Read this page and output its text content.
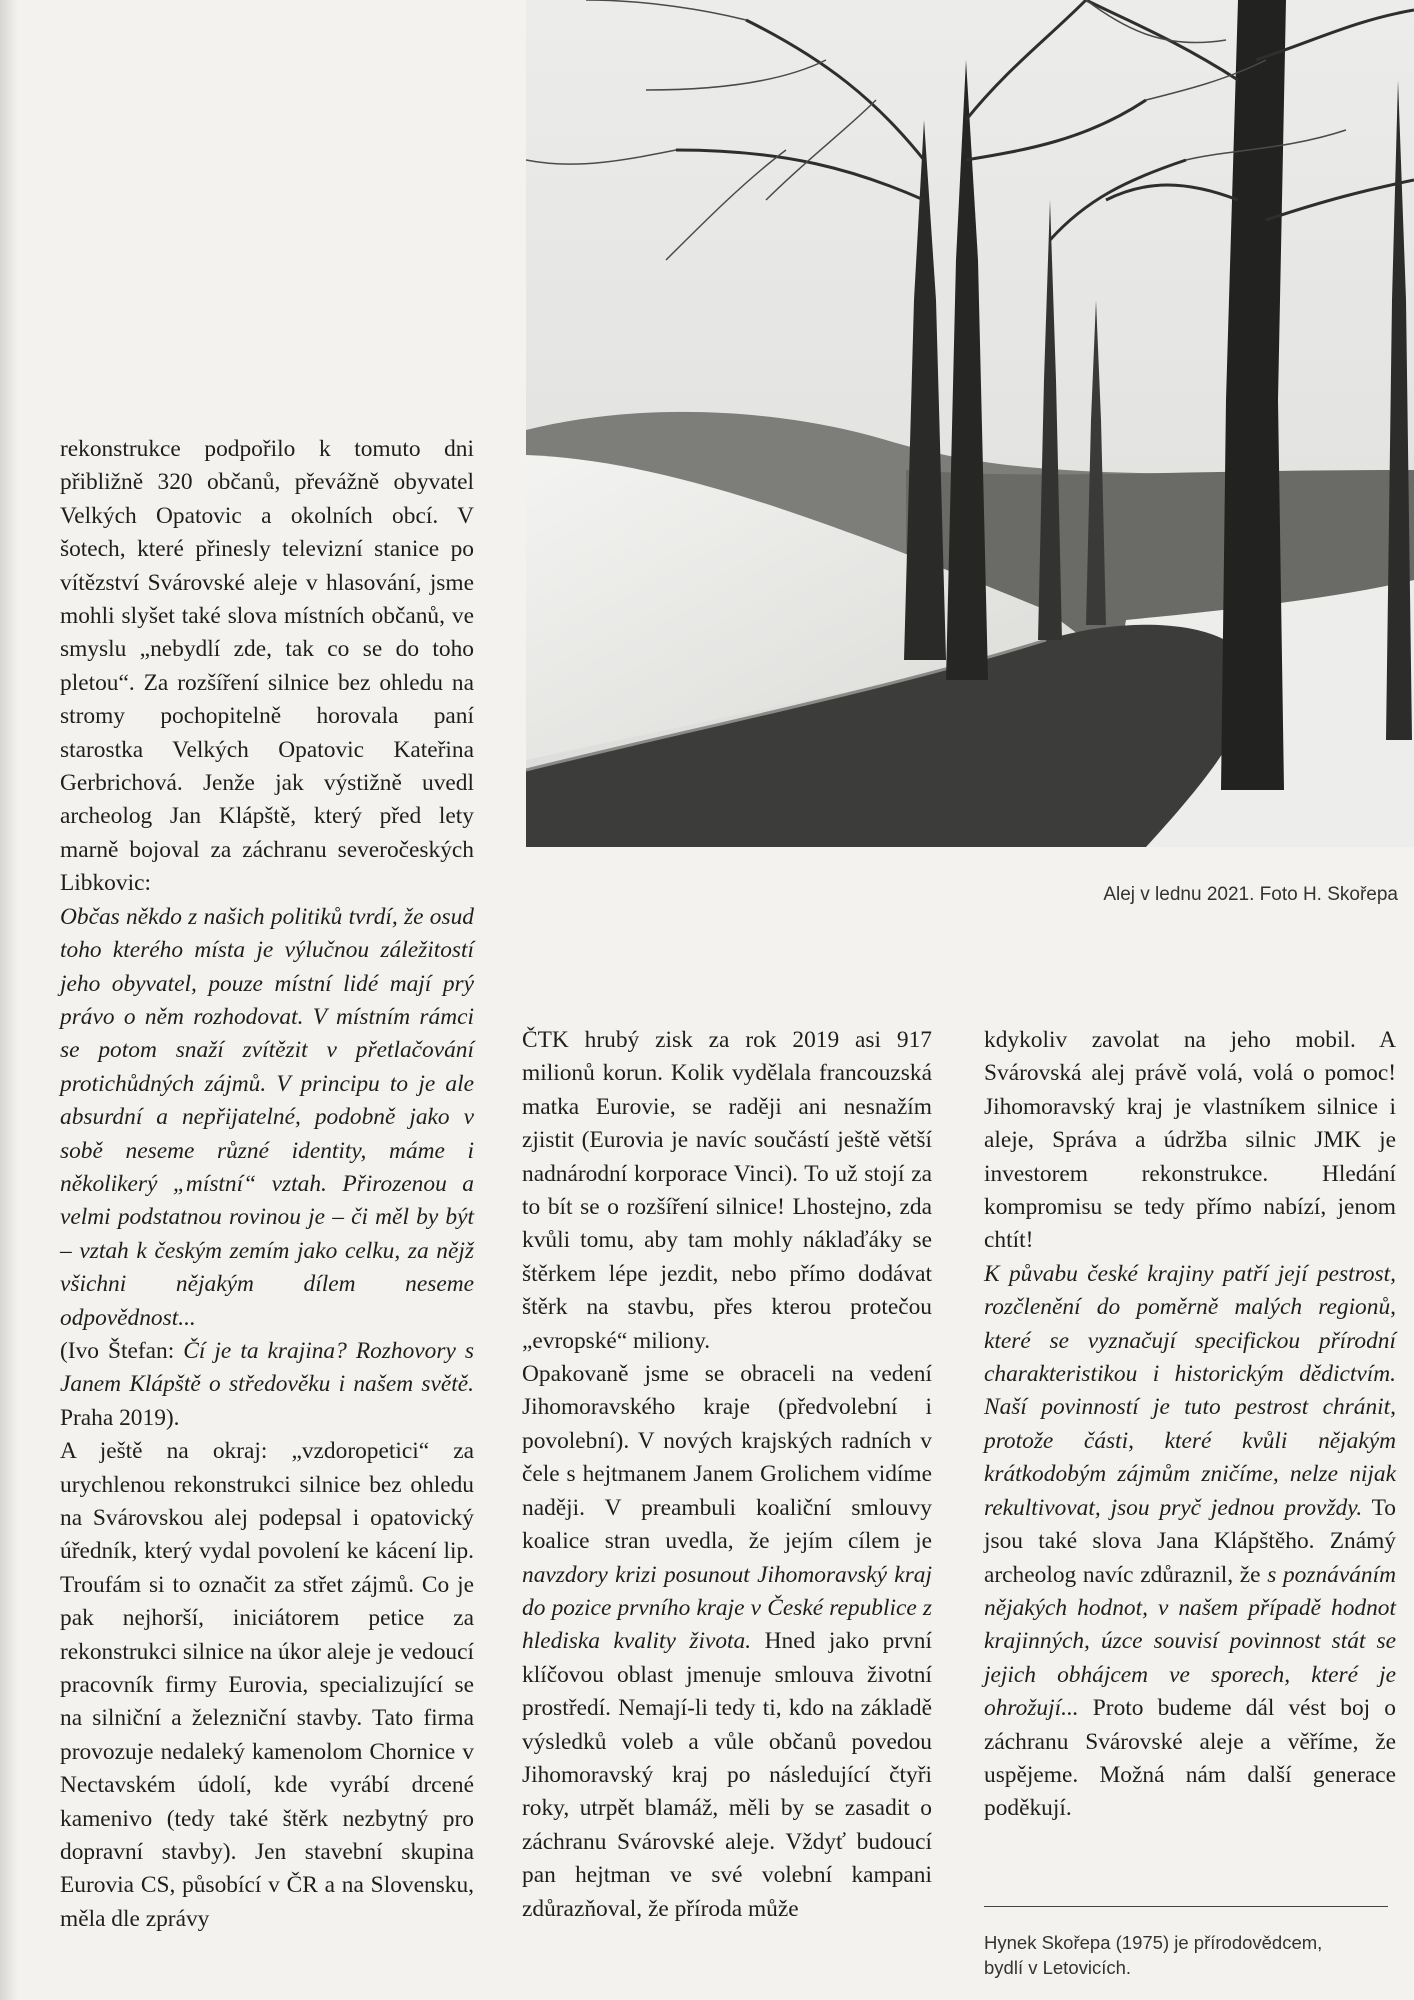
Alej v lednu 2021. Foto H. Skořepa

rekonstrukce podpořilo k tomuto dni přibližně 320 občanů, převážně obyvatel Velkých Opatovic a okolních obcí. V šotech, které přinesly televizní stanice po vítězství Svárovské aleje v hlasování, jsme mohli slyšet také slova místních občanů, ve smyslu „nebydlí zde, tak co se do toho pletou“. Za rozšíření silnice bez ohledu na stromy pochopitelně horovala paní starostka Velkých Opatovic Kateřina Gerbrichová. Jenže jak výstižně uvedl archeolog Jan Klápště, který před lety marně bojoval za záchranu severočeských Libkovic:

Občas někdo z našich politiků tvrdí, že osud toho kterého místa je výlučnou záležitostí jeho obyvatel, pouze místní lidé mají prý právo o něm rozhodovat. V místním rámci se potom snaží zvítězit v přetlačování protichůdných zájmů. V principu to je ale absurdní a nepřijatelné, podobně jako v sobě neseme různé identity, máme i několikerý „místní“ vztah. Přirozenou a velmi podstatnou rovinou je – či měl by být – vztah k českým zemím jako celku, za nějž všichni nějakým dílem neseme odpovědnost...

(Ivo Štefan: Čí je ta krajina? Rozhovory s Janem Klápště o středověku i našem světě. Praha 2019).

A ještě na okraj: „vzdoropetici“ za urychlenou rekonstrukci silnice bez ohledu na Svárovskou alej podepsal i opatovický úředník, který vydal povolení ke kácení lip. Troufám si to označit za střet zájmů. Co je pak nejhorší, iniciátorem petice za rekonstrukci silnice na úkor aleje je vedoucí pracovník firmy Eurovia, specializující se na silniční a železniční stavby. Tato firma provozuje nedaleký kamenolom Chornice v Nectavském údolí, kde vyrábí drcené kamenivo (tedy také štěrk nezbytný pro dopravní stavby). Jen stavební skupina Eurovia CS, působící v ČR a na Slovensku, měla dle zprávy

ČTK hrubý zisk za rok 2019 asi 917 milionů korun. Kolik vydělala francouzská matka Eurovie, se raději ani nesnažím zjistit (Eurovia je navíc součástí ještě větší nadnárodní korporace Vinci). To už stojí za to bít se o rozšíření silnice! Lhostejno, zda kvůli tomu, aby tam mohly náklaďáky se štěrkem lépe jezdit, nebo přímo dodávat štěrk na stavbu, přes kterou protečou „evropské“ miliony.

Opakovaně jsme se obraceli na vedení Jihomoravského kraje (předvolební i povolební). V nových krajských radních v čele s hejtmanem Janem Grolichem vidíme naději. V preambuli koaliční smlouvy koalice stran uvedla, že jejím cílem je navzdory krizi posunout Jihomoravský kraj do pozice prvního kraje v České republice z hlediska kvality života. Hned jako první klíčovou oblast jmenuje smlouva životní prostředí. Nemají-li tedy ti, kdo na základě výsledků voleb a vůle občanů povedou Jihomoravský kraj po následující čtyři roky, utrpět blamáž, měli by se zasadit o záchranu Svárovské aleje. Vždyť budoucí pan hejtman ve své volební kampani zdůrazňoval, že příroda může

kdykoliv zavolat na jeho mobil. A Svárovská alej právě volá, volá o pomoc! Jihomoravský kraj je vlastníkem silnice i aleje, Správa a údržba silnic JMK je investorem rekonstrukce. Hledání kompromisu se tedy přímo nabízí, jenom chtít!

K půvabu české krajiny patří její pestrost, rozčlenění do poměrně malých regionů, které se vyznačují specifickou přírodní charakteristikou i historickým dědictvím. Naší povinností je tuto pestrost chránit, protože části, které kvůli nějakým krátkodobým zájmům zničíme, nelze nijak rekultivovat, jsou pryč jednou provždy. To jsou také slova Jana Klápštěho. Známý archeolog navíc zdůraznil, že s poznáváním nějakých hodnot, v našem případě hodnot krajinných, úzce souvisí povinnost stát se jejich obhájcem ve sporech, které je ohrožují... Proto budeme dál vést boj o záchranu Svárovské aleje a věříme, že uspějeme. Možná nám další generace poděkují.

Hynek Skořepa (1975) je přírodovědcem,
bydlí v Letovicích.
